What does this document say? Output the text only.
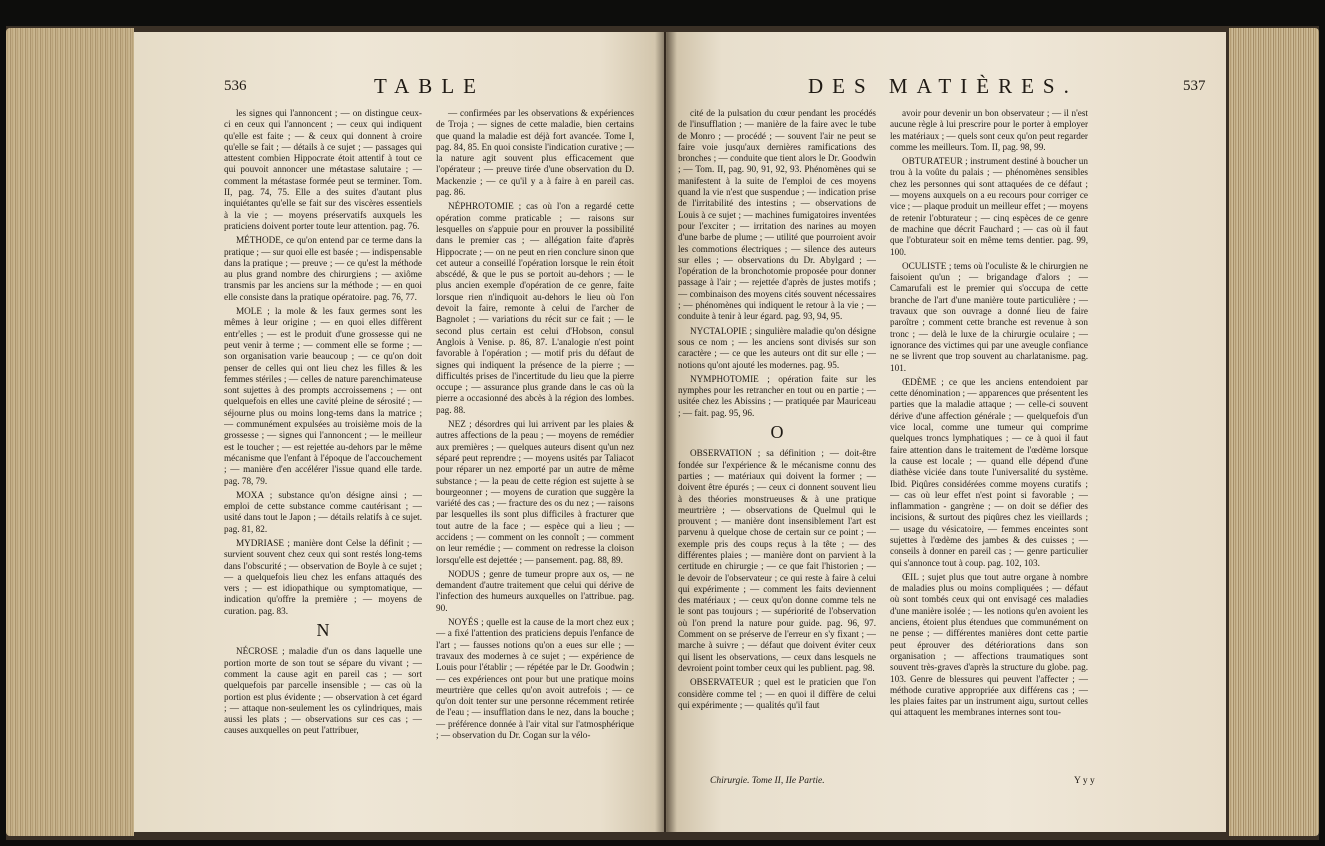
536	TABLE

les signes qui l'annoncent ; — on distingue ceux-ci en ceux qui l'annoncent ; — ceux qui indiquent qu'elle est faite ; — & ceux qui donnent à croire qu'elle se fait ; — détails à ce sujet ; — passages qui attestent combien Hippocrate étoit attentif à tout ce qui pouvoit annoncer une métastase salutaire ; — comment la métastase formée peut se terminer. Tom. II, pag. 74, 75. Elle a des suites d'autant plus inquiétantes qu'elle se fait sur des viscères essentiels à la vie ; — moyens préservatifs auxquels les praticiens doivent porter toute leur attention. pag. 76.

MÉTHODE, ce qu'on entend par ce terme dans la pratique ; — sur quoi elle est basée ; — indispensable dans la pratique ; — preuve ; — ce qu'est la méthode au plus grand nombre des chirurgiens ; — axiôme transmis par les anciens sur la méthode ; — en quoi elle consiste dans la pratique opératoire. pag. 76, 77.

MOLE ; la mole & les faux germes sont les mêmes à leur origine ; — en quoi elles diffèrent entr'elles ; — est le produit d'une grossesse qui ne peut venir à terme ; — comment elle se forme ; — son organisation varie beaucoup ; — ce qu'on doit penser de celles qui ont lieu chez les filles & les femmes stériles ; — celles de nature parenchimateuse sont sujettes à des prompts accroissemens ; — ont quelquefois en elles une cavité pleine de sérosité ; — séjourne plus ou moins long-tems dans la matrice ; — communément expulsées au troisième mois de la grossesse ; — signes qui l'annoncent ; — le meilleur est le toucher ; — est rejettée au-dehors par le même mécanisme que l'enfant à l'époque de l'accouchement ; — manière d'en accélérer l'issue quand elle tarde. pag. 78, 79.

MOXA ; substance qu'on désigne ainsi ; — emploi de cette substance comme cautérisant ; — usité dans tout le Japon ; — détails relatifs à ce sujet. pag. 81, 82.

MYDRIASE ; manière dont Celse la définit ; — survient souvent chez ceux qui sont restés long-tems dans l'obscurité ; — observation de Boyle à ce sujet ; — a quelquefois lieu chez les enfans attaqués des vers ; — est idiopathique ou symptomatique, — indication qu'offre la première ; — moyens de curation. pag. 83.

N

NÉCROSE ; maladie d'un os dans laquelle une portion morte de son tout se sépare du vivant ; — comment la cause agit en pareil cas ; — sort quelquefois par parcelle insensible ; — cas où la portion est plus évidente ; — observation à cet égard ; — attaque non-seulement les os cylindriques, mais aussi les plats ; — observations sur ces cas ; — causes auxquelles on peut l'attribuer,

— confirmées par les observations & expériences de Troja ; — signes de cette maladie, bien certains que quand la maladie est déjà fort avancée. Tome I, pag. 84, 85. En quoi consiste l'indication curative ; — la nature agit souvent plus efficacement que l'opérateur ; — preuve tirée d'une observation du D. Mackenzie ; — ce qu'il y a à faire à en pareil cas. pag. 86.

NÉPHROTOMIE ; cas où l'on a regardé cette opération comme praticable ; — raisons sur lesquelles on s'appuie pour en prouver la possibilité dans le premier cas ; — allégation faite d'après Hippocrate ; — on ne peut en rien conclure sinon que cet auteur a conseillé l'opération lorsque le rein étoit abscédé, & que le pus se portoit au-dehors ; — le plus ancien exemple d'opération de ce genre, faite lorsque rien n'indiquoit au-dehors le lieu où l'on devoit la faire, remonte à celui de l'archer de Bagnolet ; — variations du récit sur ce fait ; — le second plus certain est celui d'Hobson, consul Anglois à Venise. p. 86, 87. L'analogie n'est point favorable à l'opération ; — motif pris du défaut de signes qui indiquent la présence de la pierre ; — difficultés prises de l'incertitude du lieu que la pierre occupe ; — assurance plus grande dans le cas où la pierre a occasionné des abcès à la région des lombes. pag. 88.

NEZ ; désordres qui lui arrivent par les plaies & autres affections de la peau ; — moyens de remédier aux premières ; — quelques auteurs disent qu'un nez séparé peut reprendre ; — moyens usités par Taliacot pour réparer un nez emporté par un autre de même substance ; — la peau de cette région est sujette à se bourgeonner ; — moyens de curation que suggère la variété des cas ; — fracture des os du nez ; — raisons par lesquelles ils sont plus difficiles à fracturer que tout autre de la face ; — espèce qui a lieu ; — accidens ; — comment on les connoît ; — comment on leur remédie ; — comment on redresse la cloison lorsqu'elle est dejettée ; — pansement. pag. 88, 89.

NODUS ; genre de tumeur propre aux os, — ne demandent d'autre traitement que celui qui dérive de l'infection des humeurs auxquelles on l'attribue. pag. 90.

NOYÉS ; quelle est la cause de la mort chez eux ; — a fixé l'attention des praticiens depuis l'enfance de l'art ; — fausses notions qu'on a eues sur elle ; — travaux des modernes à ce sujet ; — expérience de Louis pour l'établir ; — répétée par le Dr. Goodwin ; — ces expériences ont pour but une pratique moins meurtrière que celles qu'on avoit autrefois ; — ce qu'on doit tenter sur une personne récemment retirée de l'eau ; — insufflation dans le nez, dans la bouche ; — préférence donnée à l'air vital sur l'atmosphérique ; — observation du Dr. Cogan sur la vélo-

DES MATIÈRES.	537

cité de la pulsation du cœur pendant les procédés de l'insufflation ; — manière de la faire avec le tube de Monro ; — procédé ; — souvent l'air ne peut se faire voie jusqu'aux dernières ramifications des bronches ; — conduite que tient alors le Dr. Goodwin ; — Tom. II, pag. 90, 91, 92, 93. Phénomènes qui se manifestent à la suite de l'emploi de ces moyens quand la vie n'est que suspendue ; — indication prise de l'irritabilité des intestins ; — observations de Louis à ce sujet ; — machines fumigatoires inventées pour l'exciter ; — irritation des narines au moyen d'une barbe de plume ; — utilité que pourroient avoir les commotions électriques ; — silence des auteurs sur elles ; — observations du Dr. Abylgard ; — l'opération de la bronchotomie proposée pour donner passage à l'air ; — rejettée d'après de justes motifs ; — combinaison des moyens cités souvent nécessaires ; — phénomènes qui indiquent le retour à la vie ; — conduite à tenir à leur égard. pag. 93, 94, 95.

NYCTALOPIE ; singulière maladie qu'on désigne sous ce nom ; — les anciens sont divisés sur son caractère ; — ce que les auteurs ont dit sur elle ; — notions qu'ont ajouté les modernes. pag. 95.

NYMPHOTOMIE ; opération faite sur les nymphes pour les retrancher en tout ou en partie ; — usitée chez les Abissins ; — pratiquée par Mauriceau ; — fait. pag. 95, 96.

O

OBSERVATION ; sa définition ; — doit-être fondée sur l'expérience & le mécanisme connu des parties ; — matériaux qui doivent la former ; — doivent être épurés ; — ceux ci donnent souvent lieu à des théories monstrueuses & à une pratique meurtrière ; — observations de Quelmul qui le prouvent ; — manière dont insensiblement l'art est parvenu à quelque chose de certain sur ce point ; — exemple pris des coups reçus à la tête ; — des différentes plaies ; — manière dont on parvient à la certitude en chirurgie ; — ce que fait l'historien ; — le devoir de l'observateur ; ce qui reste à faire à celui qui expérimente ; — comment les faits deviennent des matériaux ; — ceux qu'on donne comme tels ne le sont pas toujours ; — supériorité de l'observation où l'on prend la nature pour guide. pag. 96, 97. Comment on se préserve de l'erreur en s'y fixant ; — marche à suivre ; — défaut que doivent éviter ceux qui lisent les observations, — ceux dans lesquels ne devroient point tomber ceux qui les publient. pag. 98.

OBSERVATEUR ; quel est le praticien que l'on considère comme tel ; — en quoi il diffère de celui qui expérimente ; — qualités qu'il faut

avoir pour devenir un bon observateur ; — il n'est aucune règle à lui prescrire pour le porter à employer les matériaux ; — quels sont ceux qu'on peut regarder comme les meilleurs. Tom. II, pag. 98, 99.

OBTURATEUR ; instrument destiné à boucher un trou à la voûte du palais ; — phénomènes sensibles chez les personnes qui sont attaquées de ce défaut ; — moyens auxquels on a eu recours pour corriger ce vice ; — plaque produit un meilleur effet ; — moyens de retenir l'obturateur ; — cinq espèces de ce genre de machine que décrit Fauchard ; — cas où il faut que l'obturateur soit en même tems dentier. pag. 99, 100.

OCULISTE ; tems où l'oculiste & le chirurgien ne faisoient qu'un ; — brigandage d'alors ; — Camarufali est le premier qui s'occupa de cette branche de l'art d'une manière toute particulière ; — travaux que son ouvrage a donné lieu de faire paroître ; comment cette branche est revenue à son tronc ; — delà le luxe de la chirurgie oculaire ; — ignorance des victimes qui par une aveugle confiance ne se livrent que trop souvent au charlatanisme. pag. 101.

ŒDÈME ; ce que les anciens entendoient par cette dénomination ; — apparences que présentent les parties que la maladie attaque ; — celle-ci souvent dérive d'une affection générale ; — quelquefois d'un vice local, comme une tumeur qui comprime quelques troncs lymphatiques ; — ce à quoi il faut faire attention dans le traitement de l'œdème lorsque la cause est locale ; — quand elle dépend d'une diathèse viciée dans toute l'universalité du système. Ibid. Piqûres considérées comme moyens curatifs ; — cas où leur effet n'est point si favorable ; — inflammation - gangrène ; — on doit se défier des incisions, & surtout des piqûres chez les vieillards ; — usage du vésicatoire, — femmes enceintes sont sujettes à l'œdème des jambes & des cuisses ; — conseils à donner en pareil cas ; — genre particulier qui s'annonce tout à coup. pag. 102, 103.

ŒIL ; sujet plus que tout autre organe à nombre de maladies plus ou moins compliquées ; — défaut où sont tombés ceux qui ont envisagé ces maladies d'une manière isolée ; — les notions qu'en avoient les anciens, étoient plus étendues que communément on ne pense ; — différentes manières dont cette partie peut éprouver des détériorations dans son organisation ; — affections traumatiques sont souvent très-graves d'après la structure du globe. pag. 103. Genre de blessures qui peuvent l'affecter ; — méthode curative appropriée aux différens cas ; — les plaies faites par un instrument aigu, surtout celles qui attaquent les membranes internes sont tou-

Chirurgie. Tome II, IIe Partie.	Y y y
